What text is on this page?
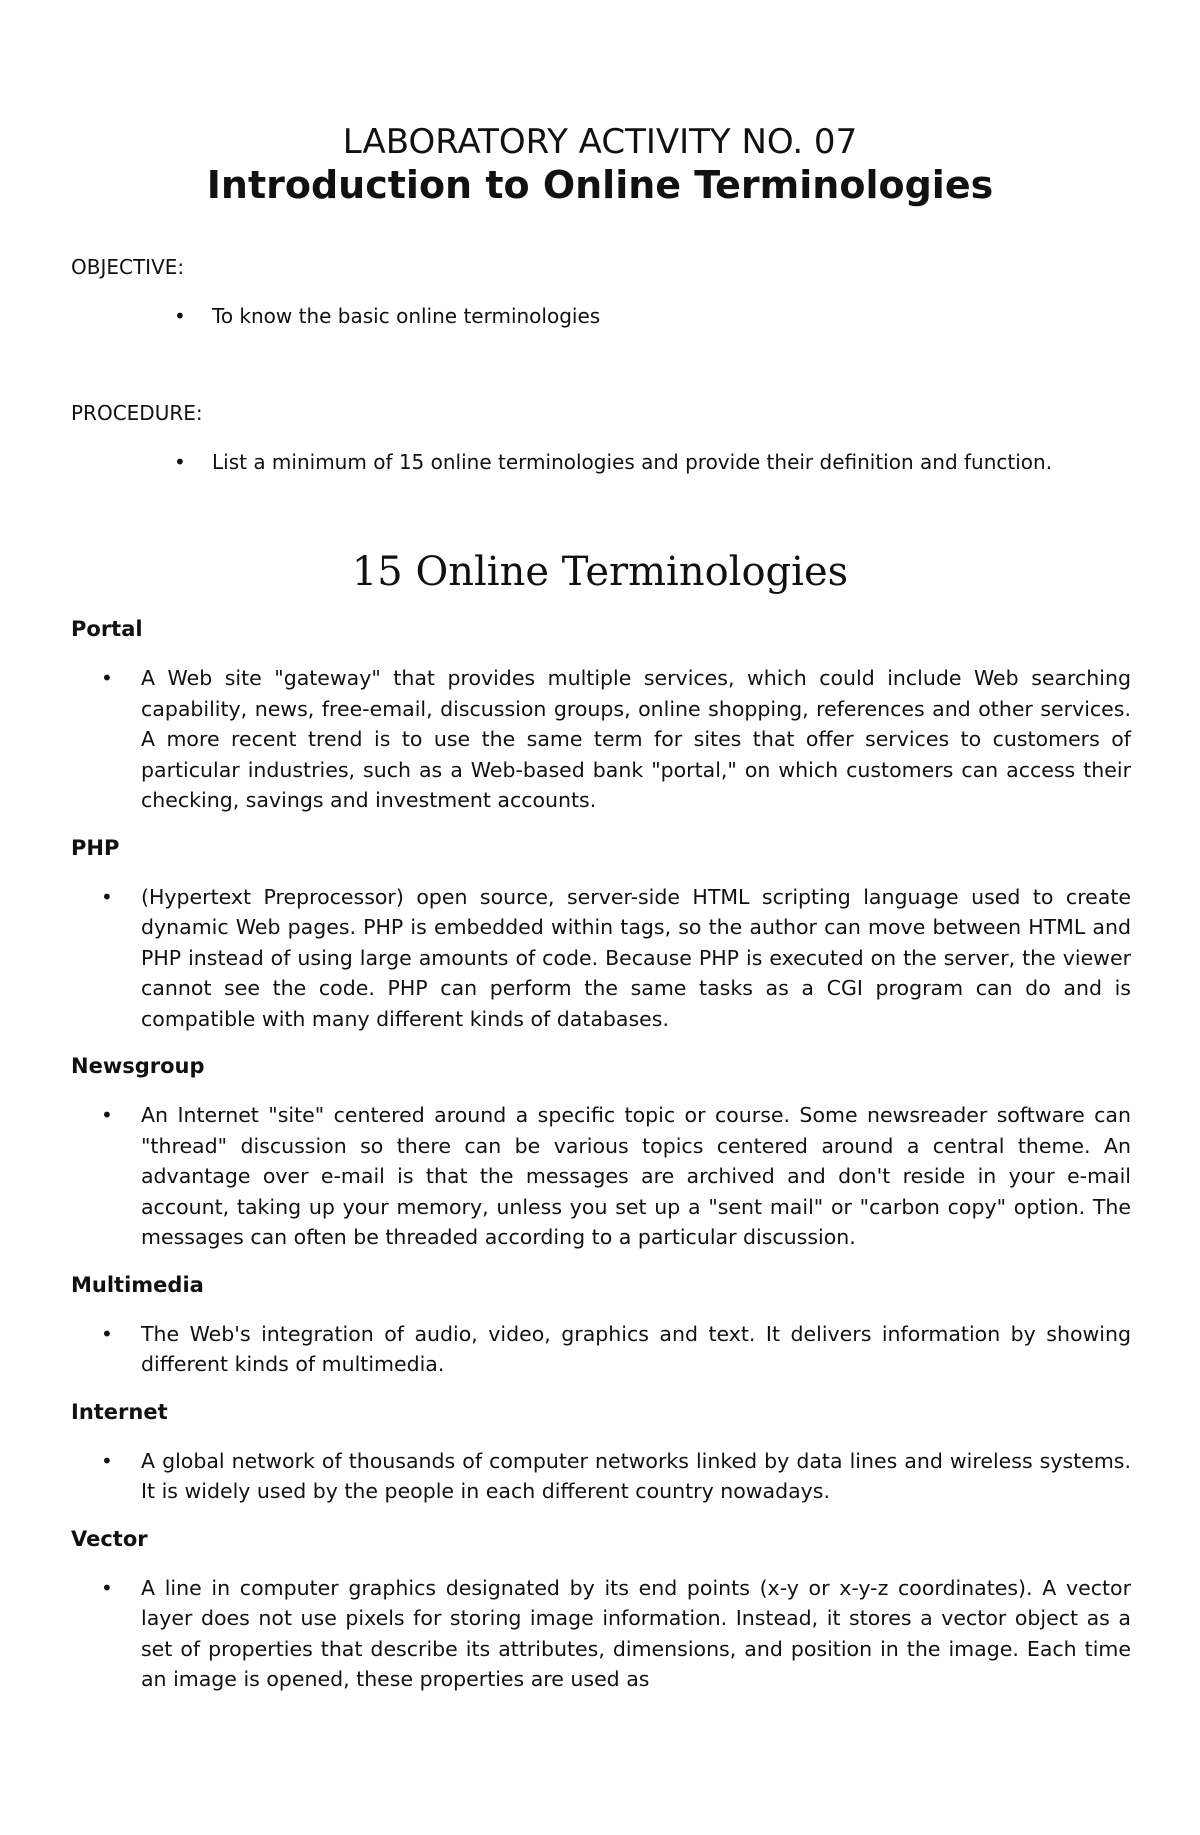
LABORATORY ACTIVITY NO. 07
Introduction to Online Terminologies
OBJECTIVE:
• To know the basic online terminologies
PROCEDURE:
• List a minimum of 15 online terminologies and provide their definition and function.
15 Online Terminologies
Portal
• A Web site "gateway" that provides multiple services, which could include Web searching capability, news, free-email, discussion groups, online shopping, references and other services. A more recent trend is to use the same term for sites that offer services to customers of particular industries, such as a Web-based bank "portal," on which customers can access their checking, savings and investment accounts.
PHP
• (Hypertext Preprocessor) open source, server-side HTML scripting language used to create dynamic Web pages. PHP is embedded within tags, so the author can move between HTML and PHP instead of using large amounts of code. Because PHP is executed on the server, the viewer cannot see the code. PHP can perform the same tasks as a CGI program can do and is compatible with many different kinds of databases.
Newsgroup
• An Internet "site" centered around a specific topic or course. Some newsreader software can "thread" discussion so there can be various topics centered around a central theme. An advantage over e-mail is that the messages are archived and don't reside in your e-mail account, taking up your memory, unless you set up a "sent mail" or "carbon copy" option. The messages can often be threaded according to a particular discussion.
Multimedia
• The Web's integration of audio, video, graphics and text. It delivers information by showing different kinds of multimedia.
Internet
• A global network of thousands of computer networks linked by data lines and wireless systems. It is widely used by the people in each different country nowadays.
Vector
• A line in computer graphics designated by its end points (x-y or x-y-z coordinates). A vector layer does not use pixels for storing image information. Instead, it stores a vector object as a set of properties that describe its attributes, dimensions, and position in the image. Each time an image is opened, these properties are used as
